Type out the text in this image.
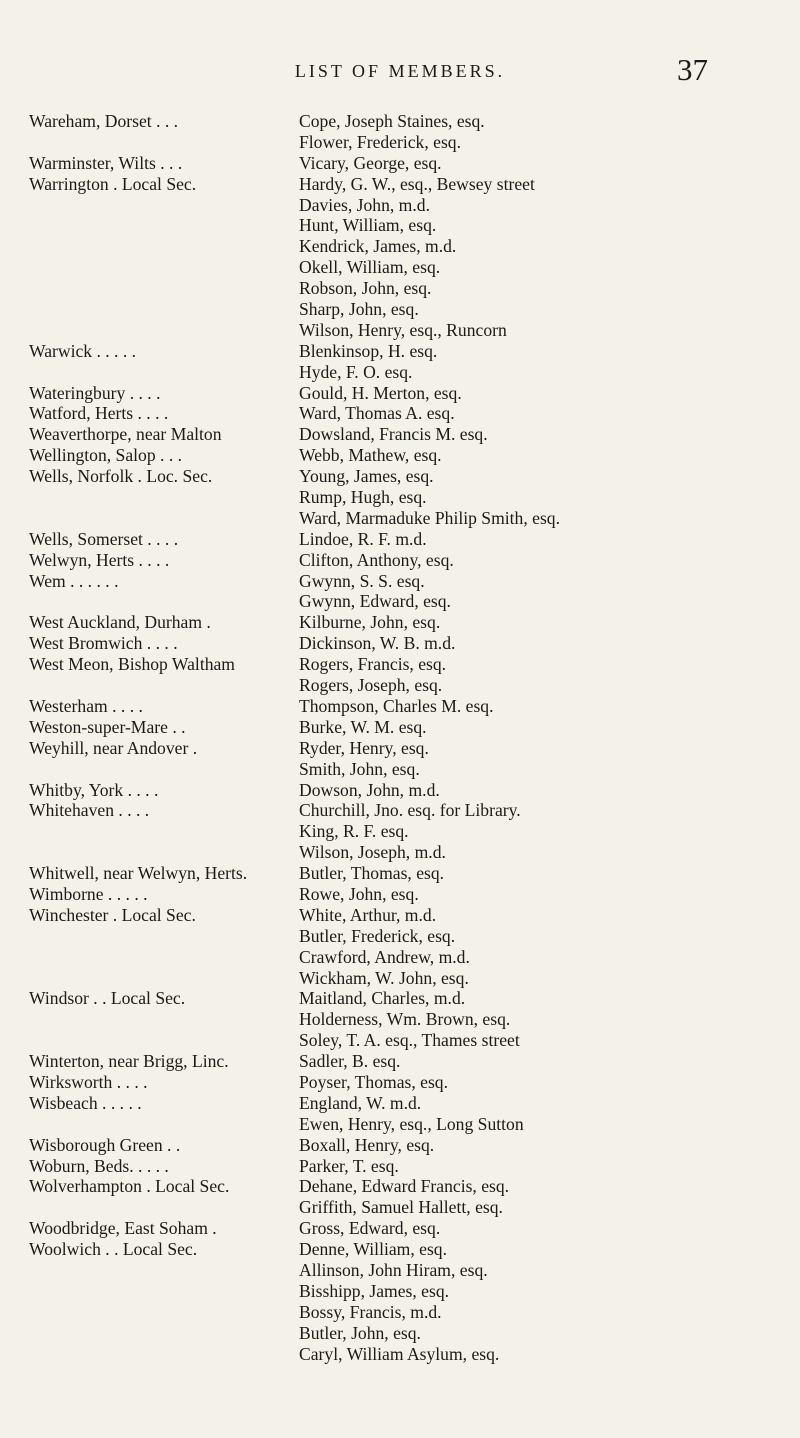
LIST OF MEMBERS.	37
Wareham, Dorset . . .	Cope, Joseph Staines, esq.
Flower, Frederick, esq.
Warminster, Wilts . . .	Vicary, George, esq.
Warrington . Local Sec.	Hardy, G. W., esq., Bewsey street
Davies, John, m.d.
Hunt, William, esq.
Kendrick, James, m.d.
Okell, William, esq.
Robson, John, esq.
Sharp, John, esq.
Wilson, Henry, esq., Runcorn
Warwick . . . . .	Blenkinsop, H. esq.
Hyde, F. O. esq.
Wateringbury . . . .	Gould, H. Merton, esq.
Watford, Herts . . . .	Ward, Thomas A. esq.
Weaverthorpe, near Malton	Dowsland, Francis M. esq.
Wellington, Salop . . .	Webb, Mathew, esq.
Wells, Norfolk . Loc. Sec.	Young, James, esq.
Rump, Hugh, esq.
Ward, Marmaduke Philip Smith, esq.
Wells, Somerset . . . .	Lindoe, R. F. m.d.
Welwyn, Herts . . . .	Clifton, Anthony, esq.
Wem . . . . . .	Gwynn, S. S. esq.
Gwynn, Edward, esq.
West Auckland, Durham .	Kilburne, John, esq.
West Bromwich . . . .	Dickinson, W. B. m.d.
West Meon, Bishop Waltham	Rogers, Francis, esq.
Rogers, Joseph, esq.
Westerham . . . .	Thompson, Charles M. esq.
Weston-super-Mare . .	Burke, W. M. esq.
Weyhill, near Andover .	Ryder, Henry, esq.
Smith, John, esq.
Whitby, York . . . .	Dowson, John, m.d.
Whitehaven . . . .	Churchill, Jno. esq. for Library.
King, R. F. esq.
Wilson, Joseph, m.d.
Whitwell, near Welwyn, Herts.	Butler, Thomas, esq.
Wimborne . . . . .	Rowe, John, esq.
Winchester . Local Sec.	White, Arthur, m.d.
Butler, Frederick, esq.
Crawford, Andrew, m.d.
Wickham, W. John, esq.
Windsor . . Local Sec.	Maitland, Charles, m.d.
Holderness, Wm. Brown, esq.
Soley, T. A. esq., Thames street
Winterton, near Brigg, Linc.	Sadler, B. esq.
Wirksworth . . . .	Poyser, Thomas, esq.
Wisbeach . . . . .	England, W. m.d.
Ewen, Henry, esq., Long Sutton
Wisborough Green . .	Boxall, Henry, esq.
Woburn, Beds. . . . .	Parker, T. esq.
Wolverhampton . Local Sec.	Dehane, Edward Francis, esq.
Griffith, Samuel Hallett, esq.
Woodbridge, East Soham .	Gross, Edward, esq.
Woolwich . . Local Sec.	Denne, William, esq.
Allinson, John Hiram, esq.
Bisshipp, James, esq.
Bossy, Francis, m.d.
Butler, John, esq.
Caryl, William Asylum, esq.
